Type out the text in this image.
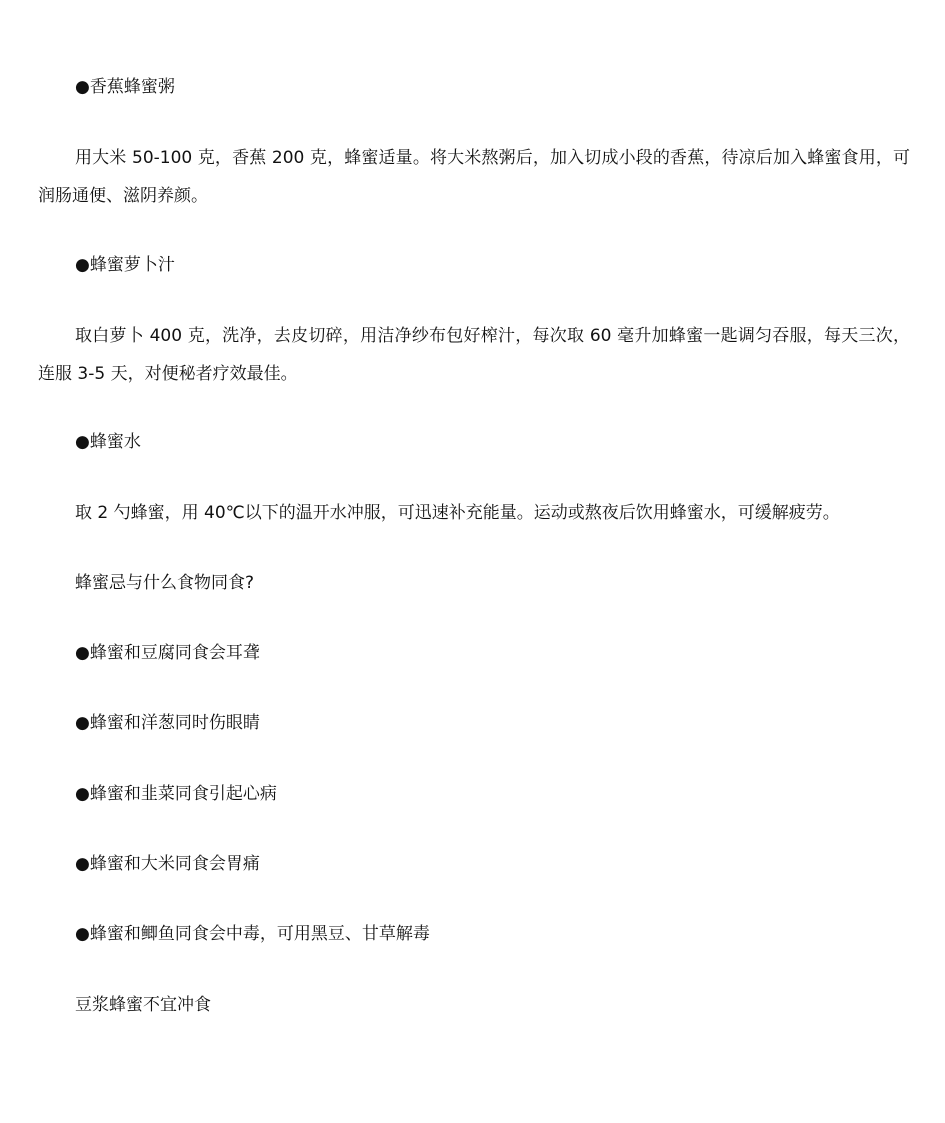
●香蕉蜂蜜粥
用大米 50-100 克，香蕉 200 克，蜂蜜适量。将大米熬粥后，加入切成小段的香蕉，待凉后加入蜂蜜食用，可润肠通便、滋阴养颜。
●蜂蜜萝卜汁
取白萝卜 400 克，洗净，去皮切碎，用洁净纱布包好榨汁，每次取 60 毫升加蜂蜜一匙调匀吞服，每天三次，连服 3-5 天，对便秘者疗效最佳。
●蜂蜜水
取 2 勺蜂蜜，用 40℃以下的温开水冲服，可迅速补充能量。运动或熬夜后饮用蜂蜜水，可缓解疲劳。
蜂蜜忌与什么食物同食?
●蜂蜜和豆腐同食会耳聋
●蜂蜜和洋葱同时伤眼睛
●蜂蜜和韭菜同食引起心病
●蜂蜜和大米同食会胃痛
●蜂蜜和鲫鱼同食会中毒，可用黑豆、甘草解毒
豆浆蜂蜜不宜冲食
